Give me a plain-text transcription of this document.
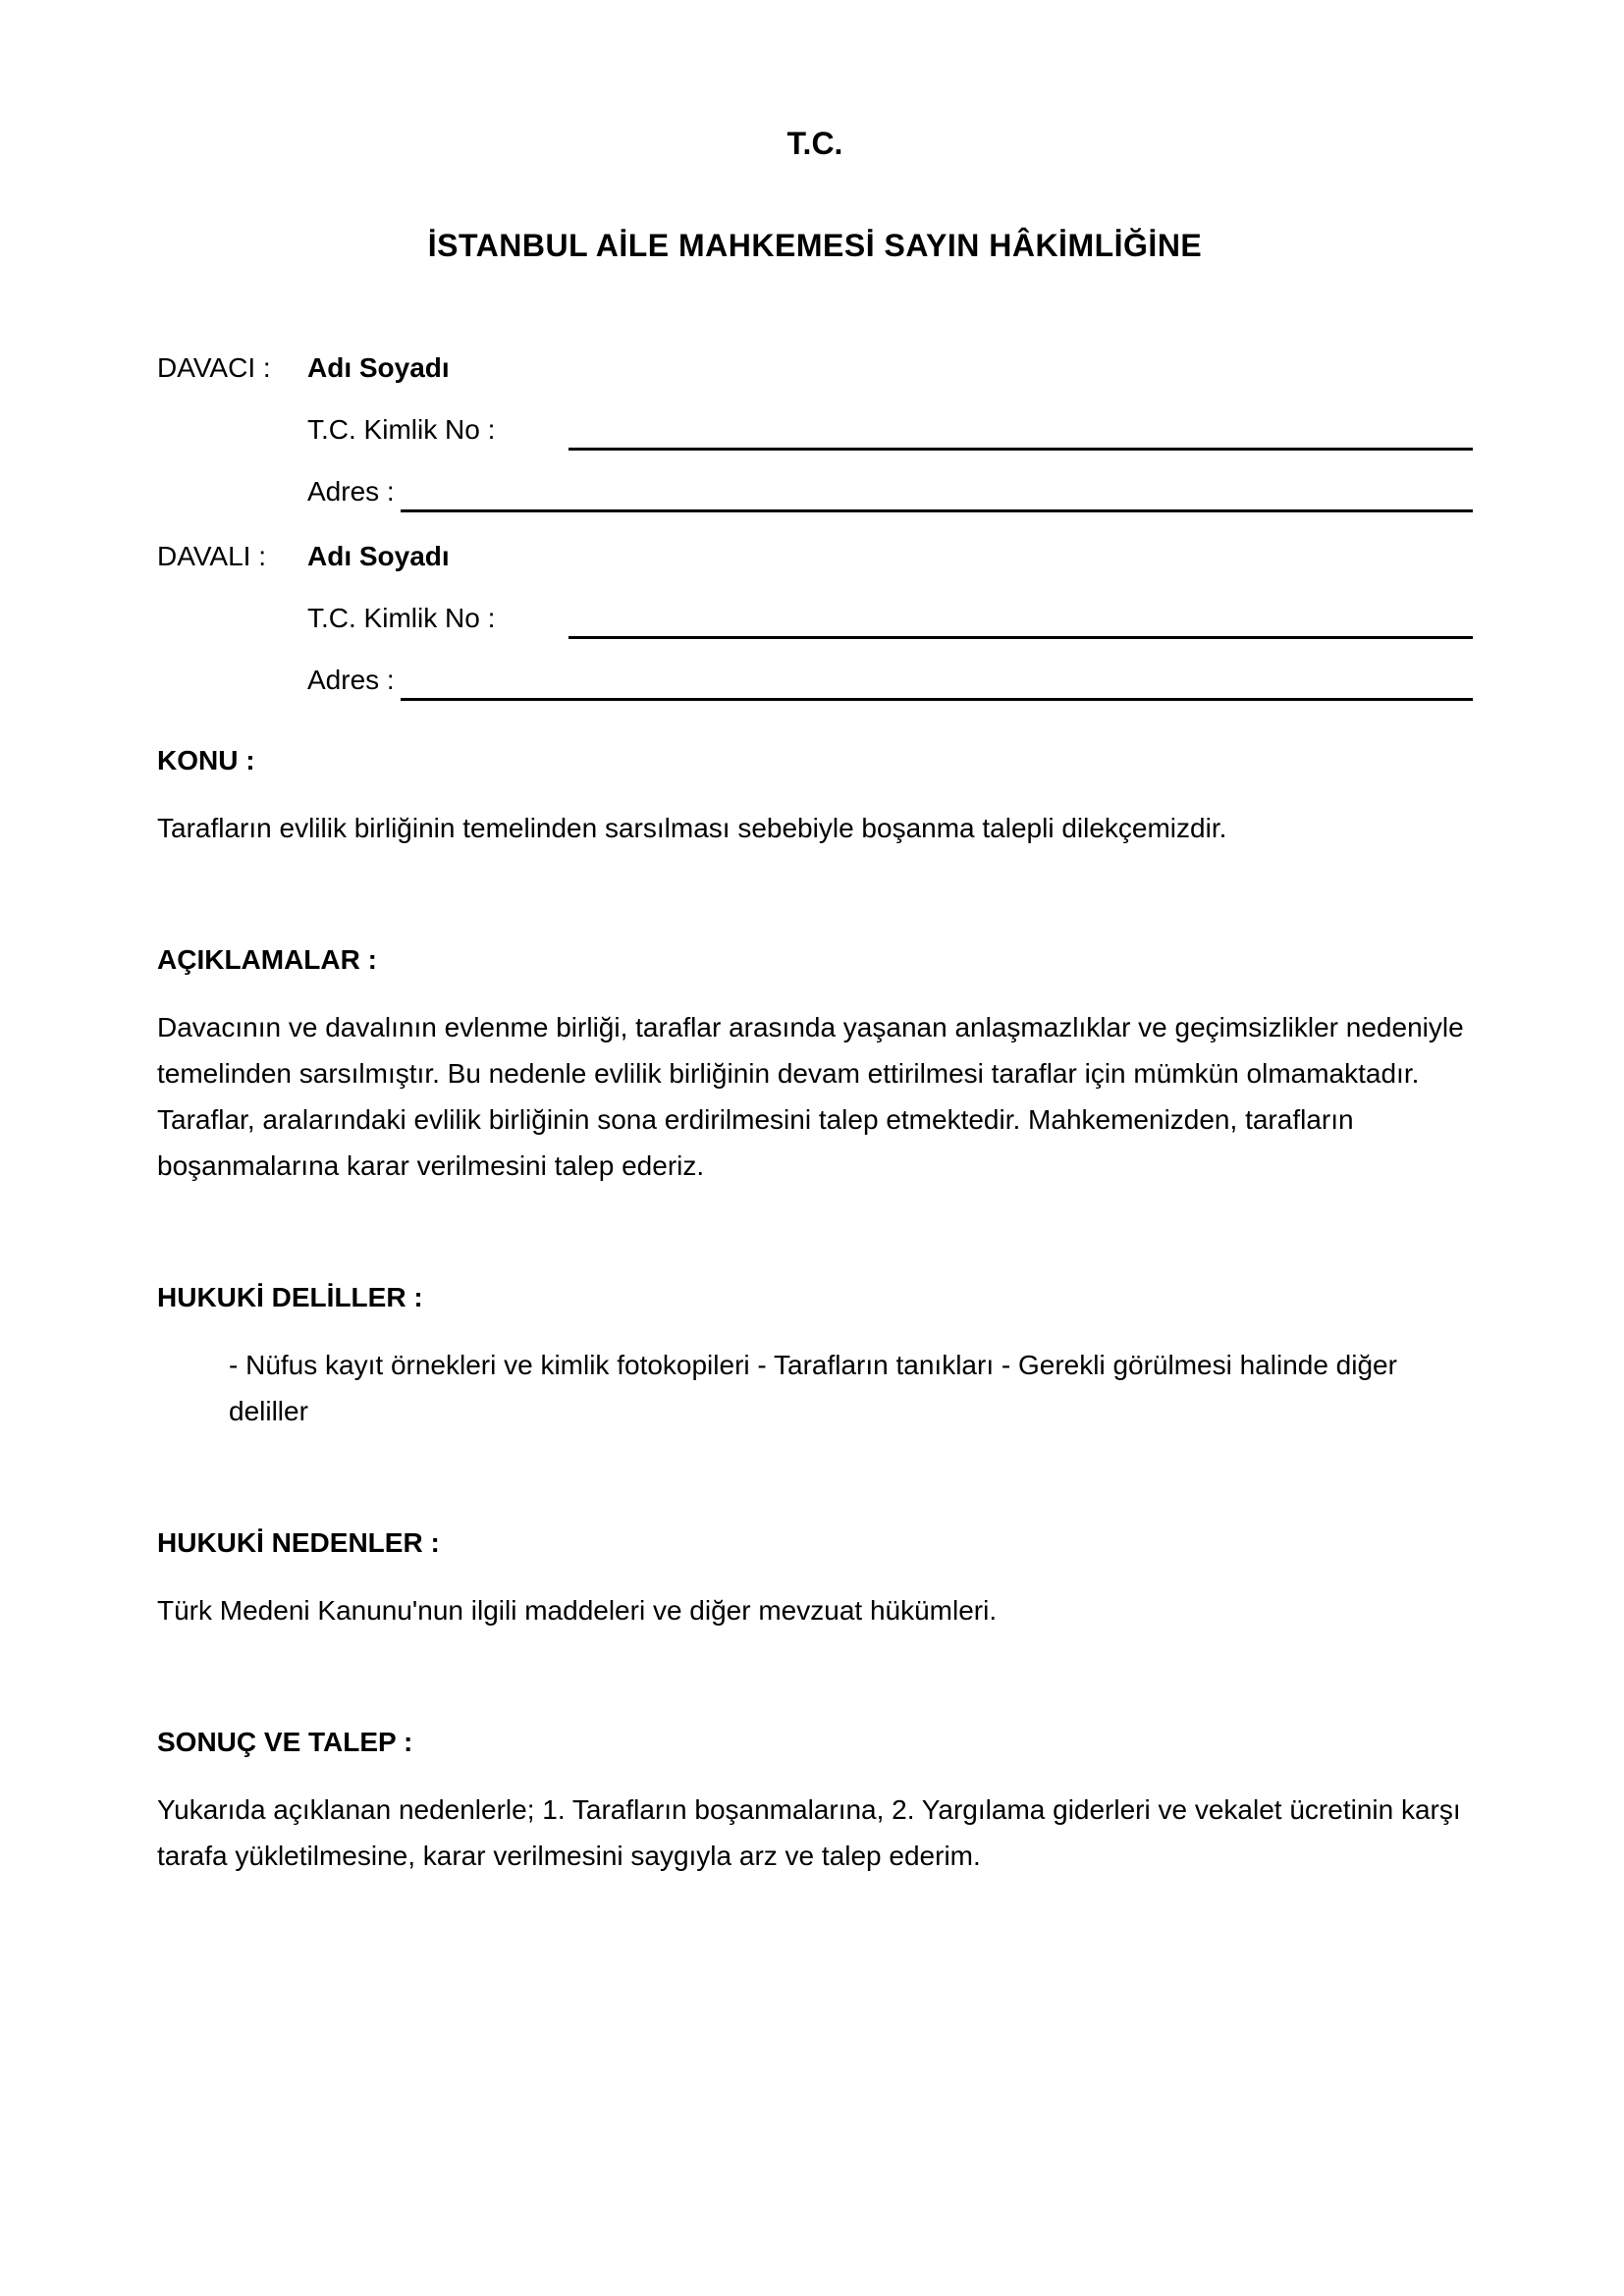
T.C.
İSTANBUL AİLE MAHKEMESİ SAYIN HÂKİMLİĞİNE
DAVACI :	Adı Soyadı
T.C. Kimlik No :
Adres :
DAVALI :	Adı Soyadı
T.C. Kimlik No :
Adres :
KONU :

Tarafların evlilik birliğinin temelinden sarsılması sebebiyle boşanma talepli dilekçemizdir.

AÇIKLAMALAR :

Davacının ve davalının evlenme birliği, taraflar arasında yaşanan anlaşmazlıklar ve geçimsizlikler nedeniyle temelinden sarsılmıştır. Bu nedenle evlilik birliğinin devam ettirilmesi taraflar için mümkün olmamaktadır. Taraflar, aralarındaki evlilik birliğinin sona erdirilmesini talep etmektedir. Mahkemenizden, tarafların boşanmalarına karar verilmesini talep ederiz.

HUKUKİ DELİLLER :

- Nüfus kayıt örnekleri ve kimlik fotokopileri - Tarafların tanıkları - Gerekli görülmesi halinde diğer deliller

HUKUKİ NEDENLER :

Türk Medeni Kanunu'nun ilgili maddeleri ve diğer mevzuat hükümleri.

SONUÇ VE TALEP :

Yukarıda açıklanan nedenlerle; 1. Tarafların boşanmalarına, 2. Yargılama giderleri ve vekalet ücretinin karşı tarafa yükletilmesine, karar verilmesini saygıyla arz ve talep ederim.
